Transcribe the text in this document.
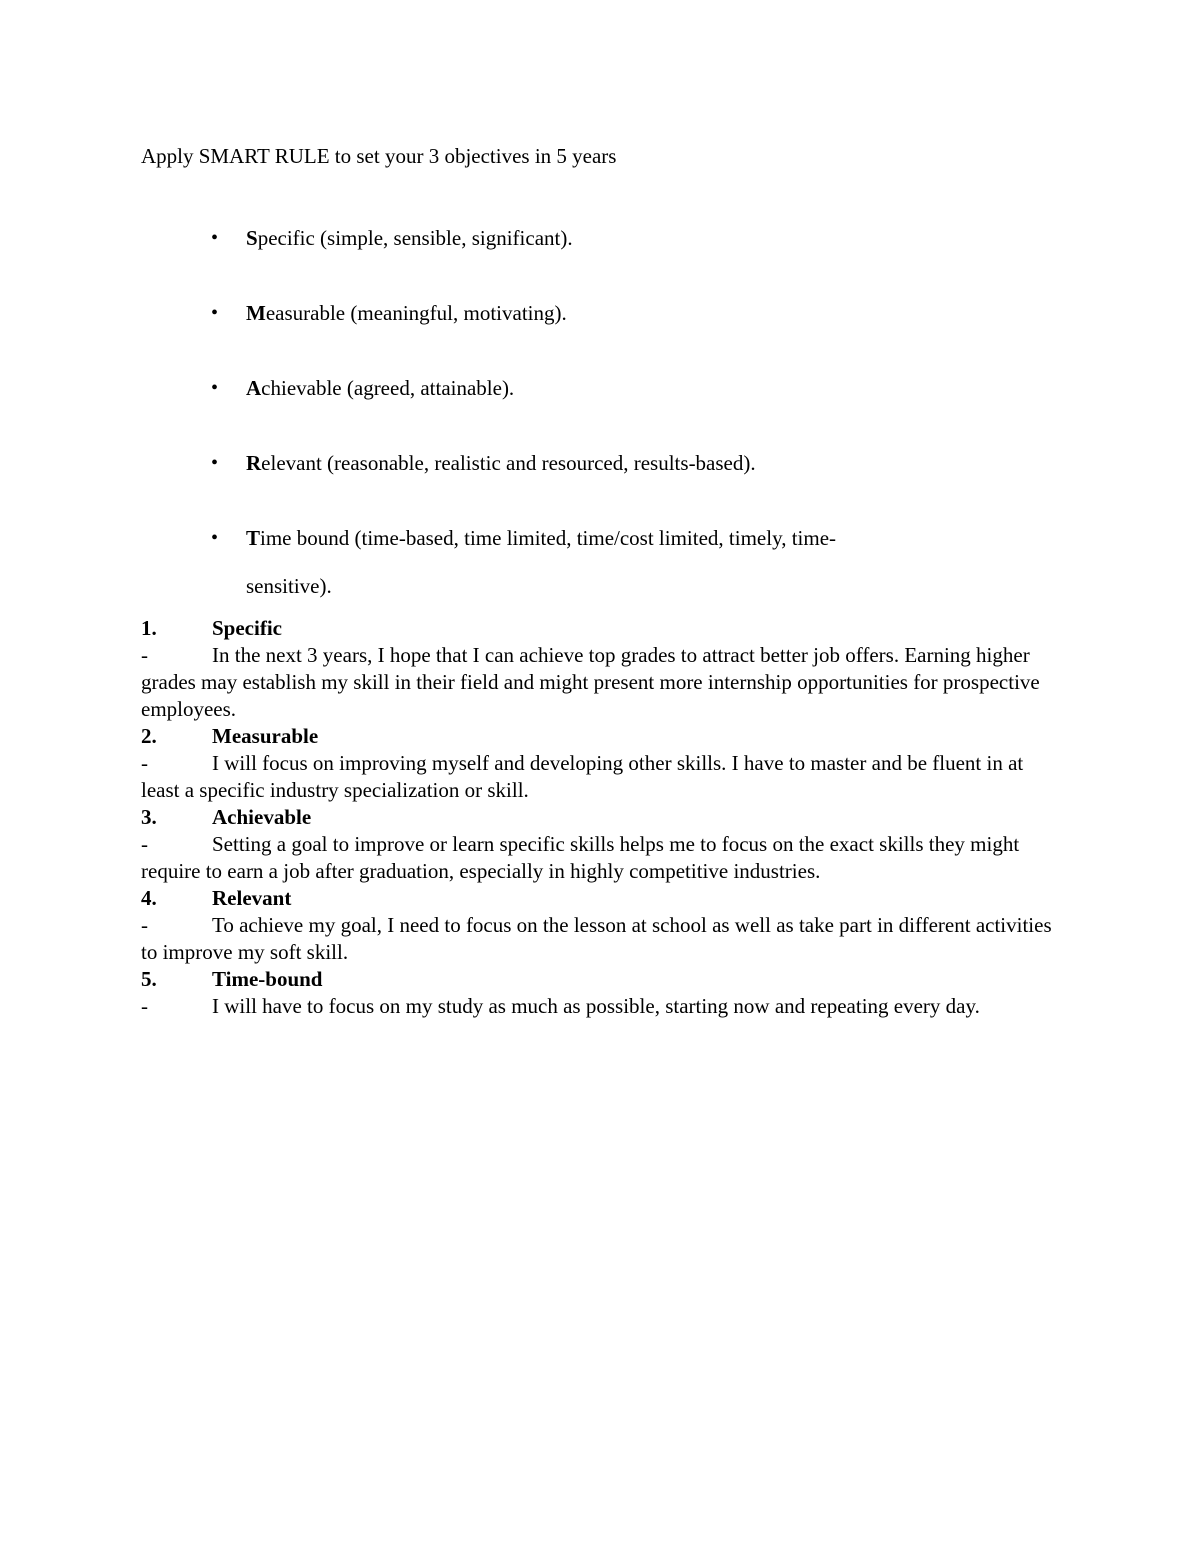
Apply SMART RULE to set your 3 objectives in 5 years
• Specific (simple, sensible, significant).
• Measurable (meaningful, motivating).
• Achievable (agreed, attainable).
• Relevant (reasonable, realistic and resourced, results-based).
• Time bound (time-based, time limited, time/cost limited, timely, time-
sensitive).
1.	Specific
-	In the next 3 years, I hope that I can achieve top grades to attract better job offers. Earning higher grades may establish my skill in their field and might present more internship opportunities for prospective employees.
2.	Measurable
-	I will focus on improving myself and developing other skills. I have to master and be fluent in at least a specific industry specialization or skill.
3.	Achievable
-	Setting a goal to improve or learn specific skills helps me to focus on the exact skills they might require to earn a job after graduation, especially in highly competitive industries.
4.	Relevant
-	To achieve my goal, I need to focus on the lesson at school as well as take part in different activities to improve my soft skill.
5.	Time-bound
-	I will have to focus on my study as much as possible, starting now and repeating every day.
